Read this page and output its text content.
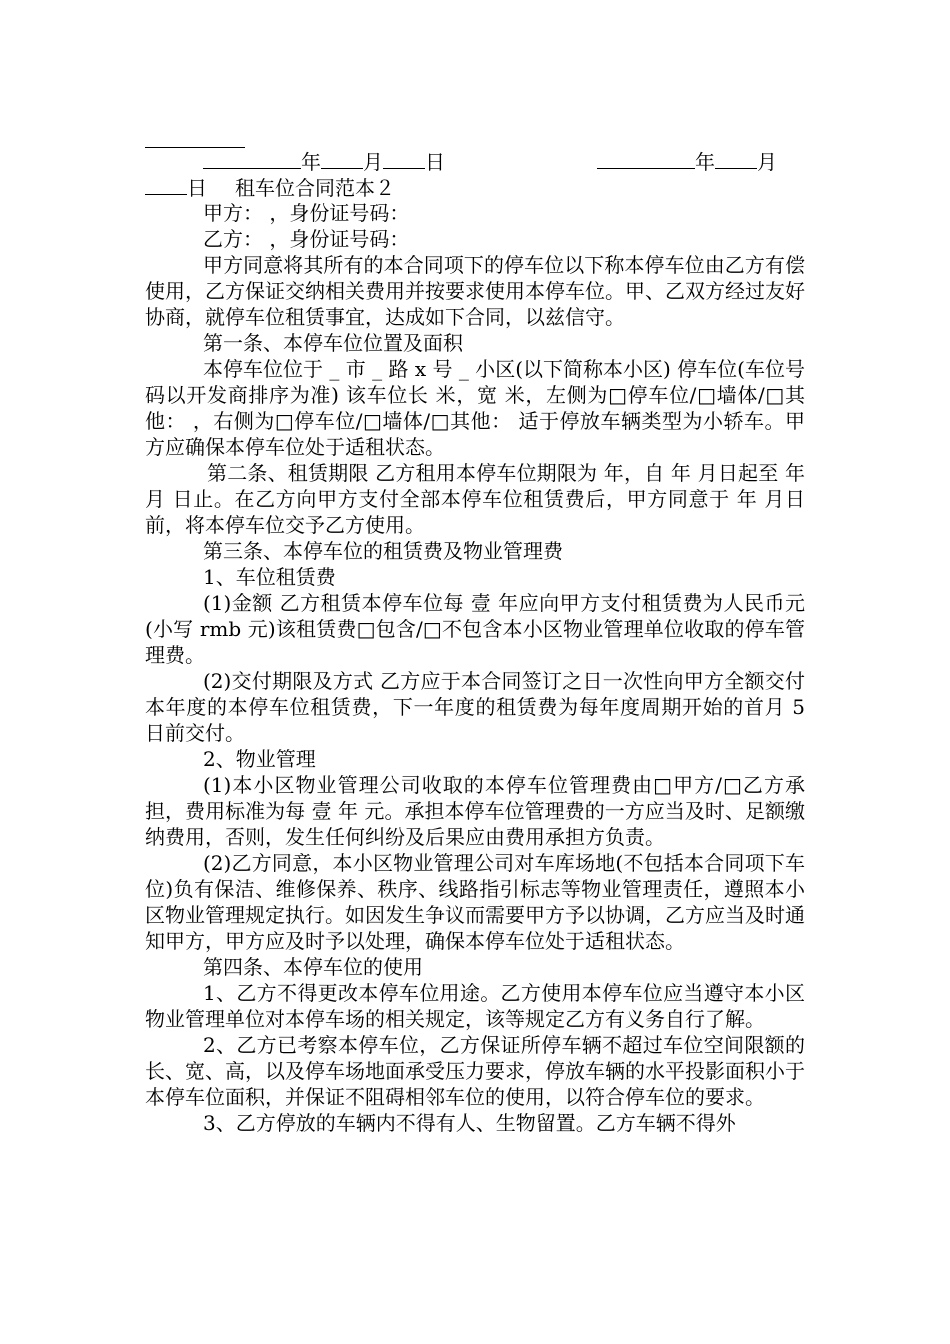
年 月 日	年 月
日 租车位合同范本２
甲方： ，身份证号码：
乙方： ，身份证号码：
甲方同意将其所有的本合同项下的停车位以下称本停车位由乙方有偿使用，乙方保证交纳相关费用并按要求使用本停车位。甲、乙双方经过友好协商，就停车位租赁事宜，达成如下合同，以兹信守。
第一条、本停车位位置及面积
本停车位位于 _ 市 _ 路 x 号 _ 小区(以下简称本小区) 停车位(车位号码以开发商排序为准) 该车位长 米，宽 米，左侧为□停车位/□墙体/□其他： ，右侧为□停车位/□墙体/□其他： 适于停放车辆类型为小轿车。甲方应确保本停车位处于适租状态。
第二条、租赁期限 乙方租用本停车位期限为 年，自 年 月日起至 年 月 日止。在乙方向甲方支付全部本停车位租赁费后，甲方同意于 年 月日前，将本停车位交予乙方使用。
第三条、本停车位的租赁费及物业管理费
1、车位租赁费
(1)金额 乙方租赁本停车位每 壹 年应向甲方支付租赁费为人民币元(小写 rmb 元)该租赁费□包含/□不包含本小区物业管理单位收取的停车管理费。
(2)交付期限及方式 乙方应于本合同签订之日一次性向甲方全额交付本年度的本停车位租赁费，下一年度的租赁费为每年度周期开始的首月 5 日前交付。
2、物业管理
(1)本小区物业管理公司收取的本停车位管理费由□甲方/□乙方承担，费用标准为每 壹 年 元。承担本停车位管理费的一方应当及时、足额缴纳费用，否则，发生任何纠纷及后果应由费用承担方负责。
(2)乙方同意，本小区物业管理公司对车库场地(不包括本合同项下车位)负有保洁、维修保养、秩序、线路指引标志等物业管理责任，遵照本小区物业管理规定执行。如因发生争议而需要甲方予以协调，乙方应当及时通知甲方，甲方应及时予以处理，确保本停车位处于适租状态。
第四条、本停车位的使用
1、乙方不得更改本停车位用途。乙方使用本停车位应当遵守本小区物业管理单位对本停车场的相关规定，该等规定乙方有义务自行了解。
2、乙方已考察本停车位，乙方保证所停车辆不超过车位空间限额的长、宽、高，以及停车场地面承受压力要求，停放车辆的水平投影面积小于本停车位面积，并保证不阻碍相邻车位的使用，以符合停车位的要求。
3、乙方停放的车辆内不得有人、生物留置。乙方车辆不得外
